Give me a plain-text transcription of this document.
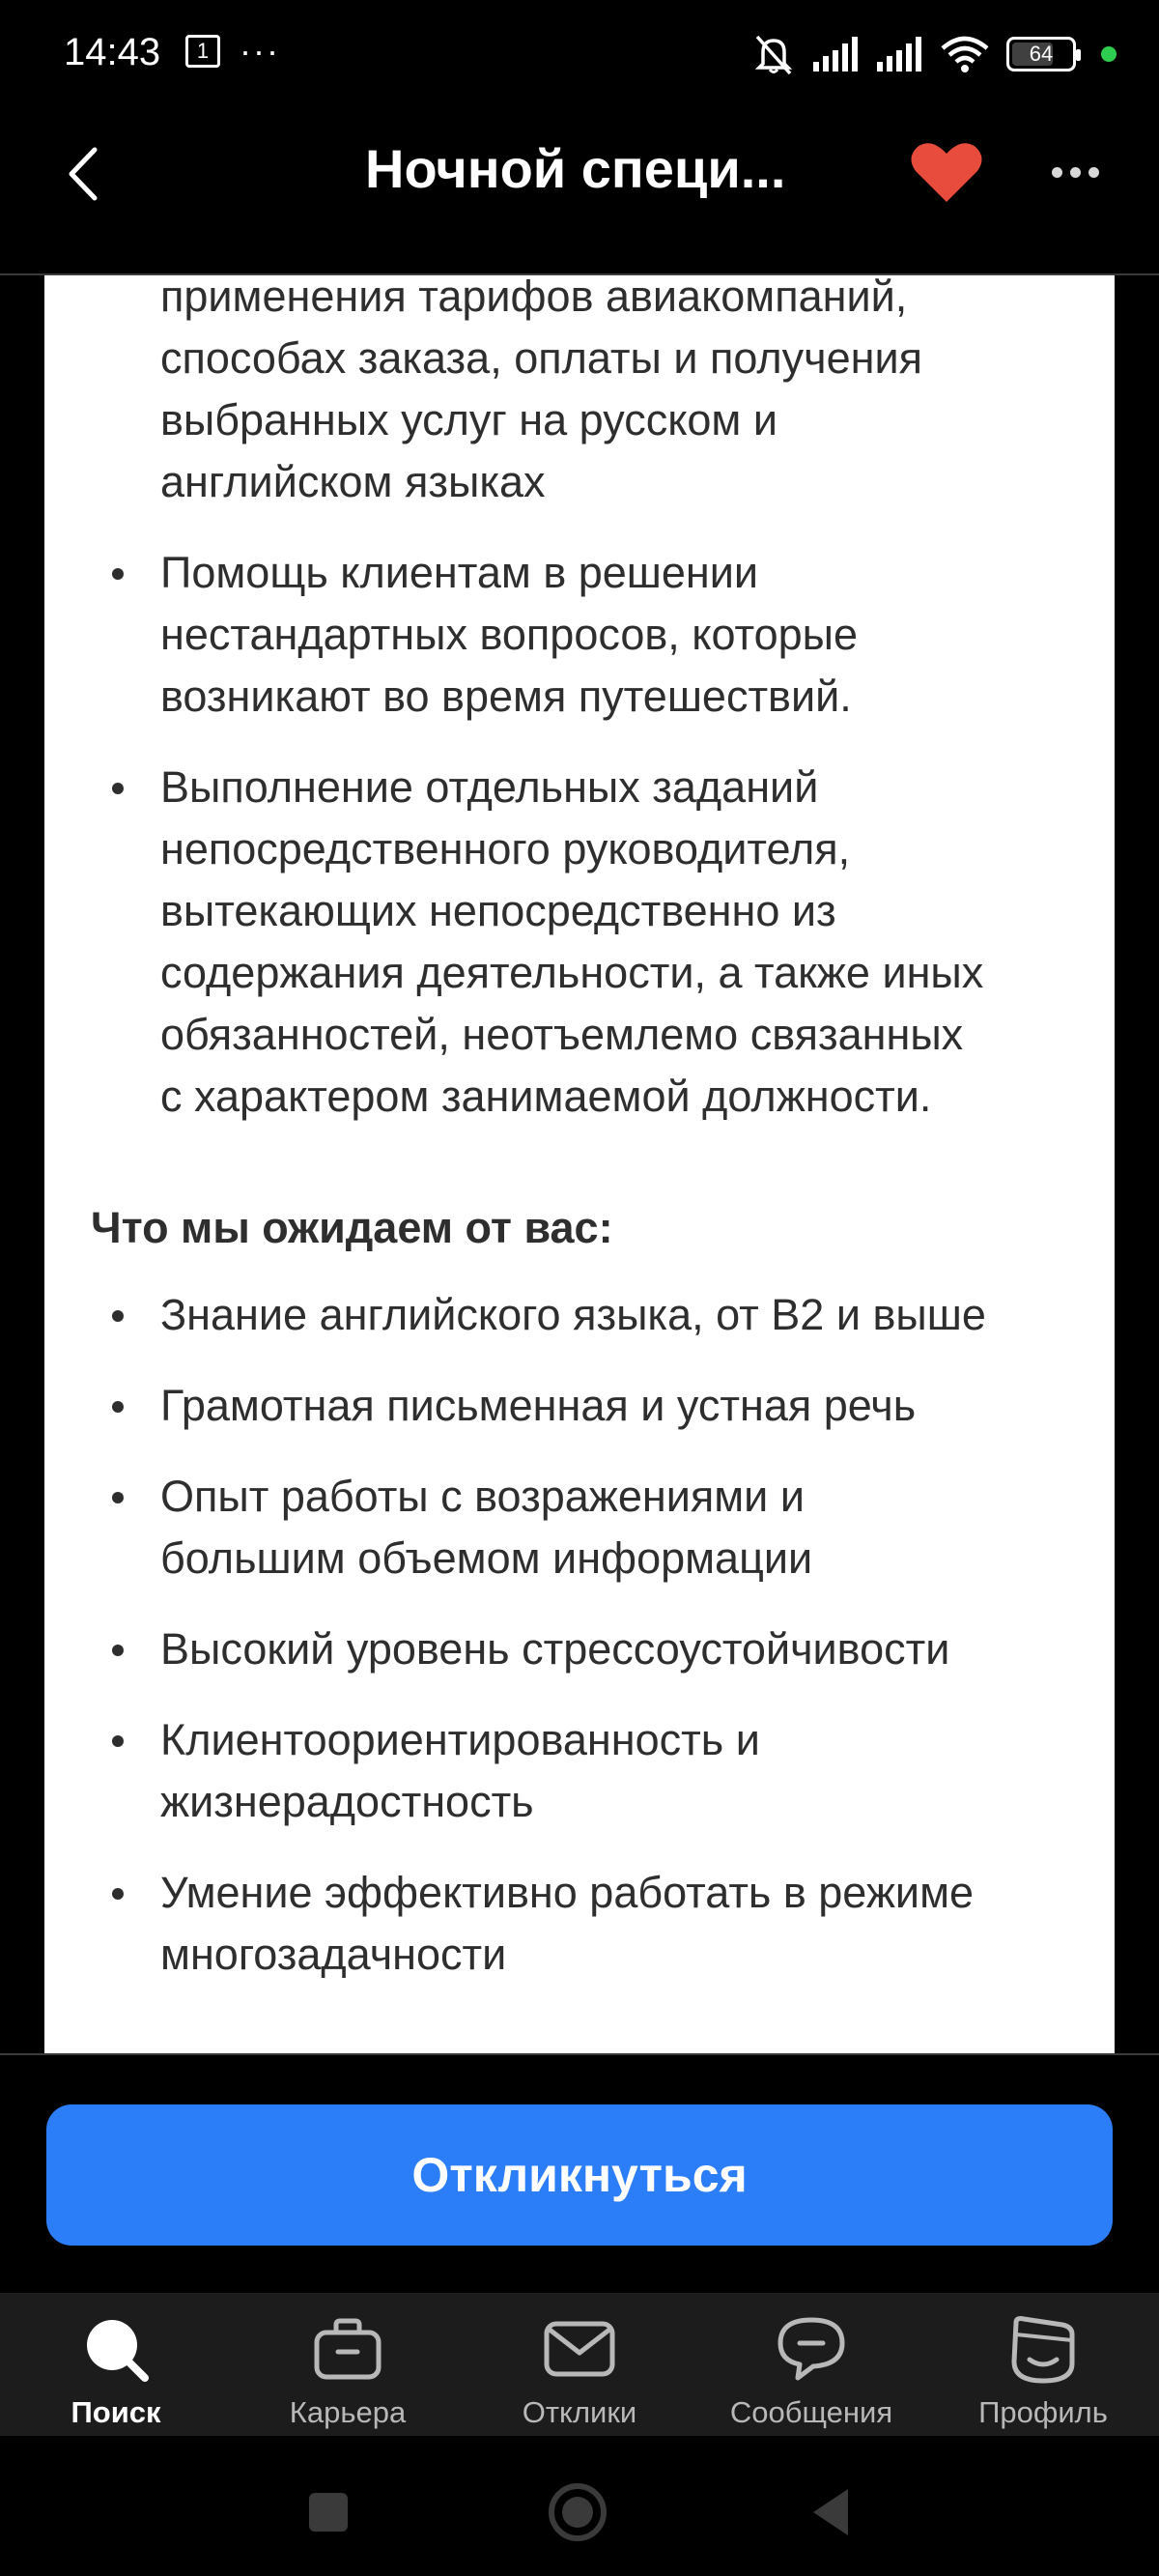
14:43	1 ···	64
Ночной специ...
применения тарифов авиакомпаний,
способах заказа, оплаты и получения
выбранных услуг на русском и
английском языках
Помощь клиентам в решении
нестандартных вопросов, которые
возникают во время путешествий.
Выполнение отдельных заданий
непосредственного руководителя,
вытекающих непосредственно из
содержания деятельности, а также иных
обязанностей, неотъемлемо связанных
с характером занимаемой должности.
Что мы ожидаем от вас:
Знание английского языка, от В2 и выше
Грамотная письменная и устная речь
Опыт работы с возражениями и
большим объемом информации
Высокий уровень стрессоустойчивости
Клиентоориентированность и
жизнерадостность
Умение эффективно работать в режиме
многозадачности
Откликнуться
Поиск	Карьера	Отклики	Сообщения	Профиль
